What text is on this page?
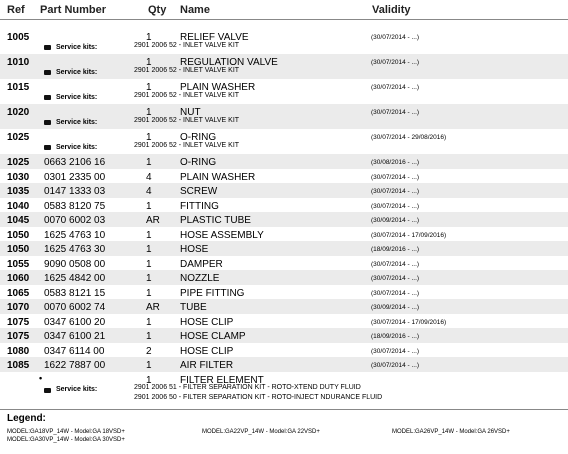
Ref Part Number	Qty Name	Validity
1005	1	RELIEF VALVE	(30/07/2014 - ...)
Service kits:	2901 2006 52 - INLET VALVE KIT
1010	1	REGULATION VALVE	(30/07/2014 - ...)
Service kits:	2901 2006 52 - INLET VALVE KIT
1015	1	PLAIN WASHER	(30/07/2014 - ...)
Service kits:	2901 2006 52 - INLET VALVE KIT
1020	1	NUT	(30/07/2014 - ...)
Service kits:	2901 2006 52 - INLET VALVE KIT
1025	1	O-RING	(30/07/2014 - 29/08/2016)
Service kits:	2901 2006 52 - INLET VALVE KIT
1025 0663 2106 16	1	O-RING	(30/08/2016 - ...)
1030 0301 2335 00	4	PLAIN WASHER	(30/07/2014 - ...)
1035 0147 1333 03	4	SCREW	(30/07/2014 - ...)
1040 0583 8120 75	1	FITTING	(30/07/2014 - ...)
1045 0070 6002 03	AR PLASTIC TUBE	(30/09/2014 - ...)
1050 1625 4763 10	1	HOSE ASSEMBLY	(30/07/2014 - 17/09/2016)
1050 1625 4763 30	1	HOSE	(18/09/2016 - ...)
1055 9090 0508 00	1	DAMPER	(30/07/2014 - ...)
1060 1625 4842 00	1	NOZZLE	(30/07/2014 - ...)
1065 0583 8121 15	1	PIPE FITTING	(30/07/2014 - ...)
1070 0070 6002 74	AR TUBE	(30/09/2014 - ...)
1075 0347 6100 20	1	HOSE CLIP	(30/07/2014 - 17/09/2016)
1075 0347 6100 21	1	HOSE CLAMP	(18/09/2016 - ...)
1080 0347 6114 00	2	HOSE CLIP	(30/07/2014 - ...)
1085 1622 7887 00	1	AIR FILTER	(30/07/2014 - ...)
•	1	FILTER ELEMENT
Service kits:	2901 2006 51 - FILTER SEPARATION KIT - ROTO-XTEND DUTY FLUID
2901 2006 50 - FILTER SEPARATION KIT - ROTO-INJECT NDURANCE FLUID
Legend:
MODEL:GA18VP_14W - Model:GA 18VSD+	MODEL:GA22VP_14W - Model:GA 22VSD+	MODEL:GA26VP_14W - Model:GA 26VSD+
MODEL:GA30VP_14W - Model:GA 30VSD+
